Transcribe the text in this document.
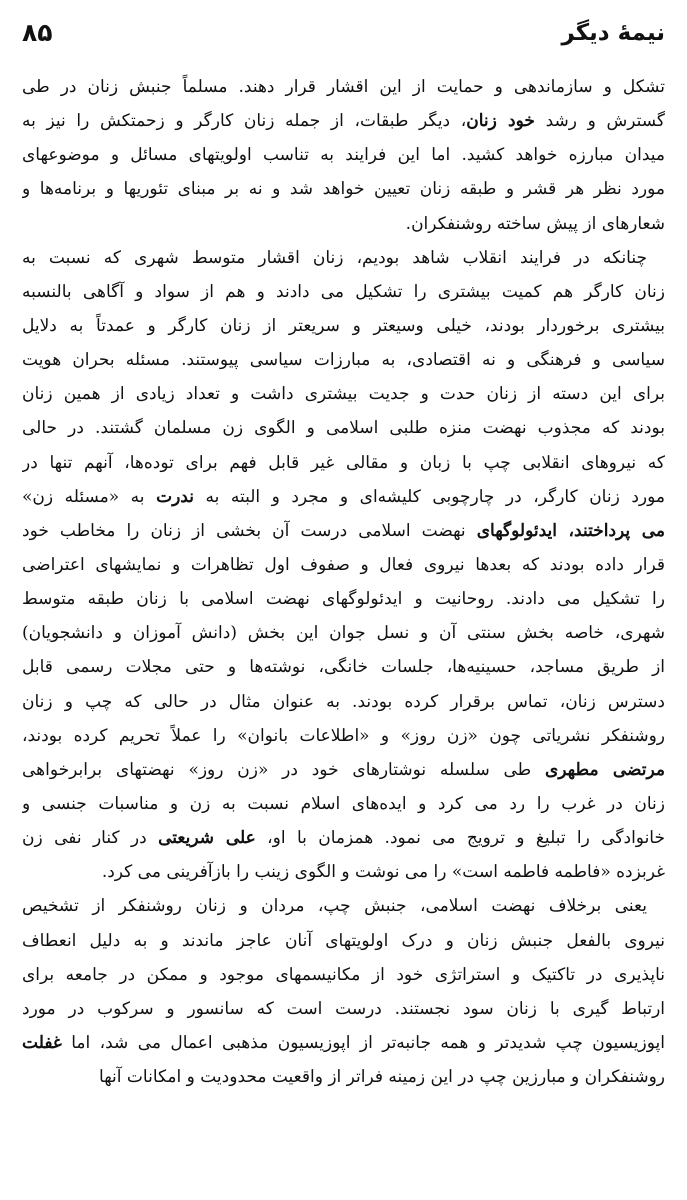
نیمهٔ دیگر
۸۵
تشکل و سازماندهی و حمایت از این اقشار قرار دهند. مسلماً جنبش زنان در طی
گسترش و رشد خود زنان، دیگر طبقات، از جمله زنان کارگر و زحمتکش را نیز به
میدان مبارزه خواهد کشید. اما این فرایند به تناسب اولویتهای مسائل و موضوعهای
مورد نظر هر قشر و طبقه زنان تعیین خواهد شد و نه بر مبنای تئوریها و برنامه‌ها و
شعارهای از پیش ساخته روشنفکران.
چنانکه در فرایند انقلاب شاهد بودیم، زنان اقشار متوسط شهری که نسبت به
زنان کارگر هم کمیت بیشتری را تشکیل می دادند و هم از سواد و آگاهی بالنسبه
بیشتری برخوردار بودند، خیلی وسیعتر و سریعتر از زنان کارگر و عمدتاً به دلایل
سیاسی و فرهنگی و نه اقتصادی، به مبارزات سیاسی پیوستند. مسئله بحران هویت
برای این دسته از زنان حدت و جدیت بیشتری داشت و تعداد زیادی از همین زنان
بودند که مجذوب نهضت منزه طلبی اسلامی و الگوی زن مسلمان گشتند. در حالی
که نیروهای انقلابی چپ با زبان و مقالی غیر قابل فهم برای توده‌ها، آنهم تنها در
مورد زنان کارگر، در چارچوبی کلیشه‌ای و مجرد و البته به ندرت به «مسئله زن»
می پرداختند، ایدئولوگهای نهضت اسلامی درست آن بخشی از زنان را مخاطب خود
قرار داده بودند که بعدها نیروی فعال و صفوف اول تظاهرات و نمایشهای اعتراضی
را تشکیل می دادند. روحانیت و ایدئولوگهای نهضت اسلامی با زنان طبقه متوسط
شهری، خاصه بخش سنتی آن و نسل جوان این بخش (دانش آموزان و دانشجویان)
از طریق مساجد، حسینیه‌ها، جلسات خانگی، نوشته‌ها و حتی مجلات رسمی قابل
دسترس زنان، تماس برقرار کرده بودند. به عنوان مثال در حالی که چپ و زنان
روشنفکر نشریاتی چون «زن روز» و «اطلاعات بانوان» را عملاً تحریم کرده بودند،
مرتضی مطهری طی سلسله نوشتارهای خود در «زن روز» نهضتهای برابرخواهی
زنان در غرب را رد می کرد و ایده‌های اسلام نسبت به زن و مناسبات جنسی و
خانوادگی را تبلیغ و ترویج می نمود. همزمان با او، علی شریعتی در کنار نفی زن
غربزده «فاطمه فاطمه است» را می نوشت و الگوی زینب را بازآفرینی می کرد.
یعنی برخلاف نهضت اسلامی، جنبش چپ، مردان و زنان روشنفکر از تشخیص
نیروی بالفعل جنبش زنان و درک اولویتهای آنان عاجز ماندند و به دلیل انعطاف
ناپذیری در تاکتیک و استراتژی خود از مکانیسمهای موجود و ممکن در جامعه برای
ارتباط گیری با زنان سود نجستند. درست است که سانسور و سرکوب در مورد
اپوزیسیون چپ شدیدتر و همه جانبه‌تر از اپوزیسیون مذهبی اعمال می شد، اما غفلت
روشنفکران و مبارزین چپ در این زمینه فراتر از واقعیت محدودیت و امکانات آنها
